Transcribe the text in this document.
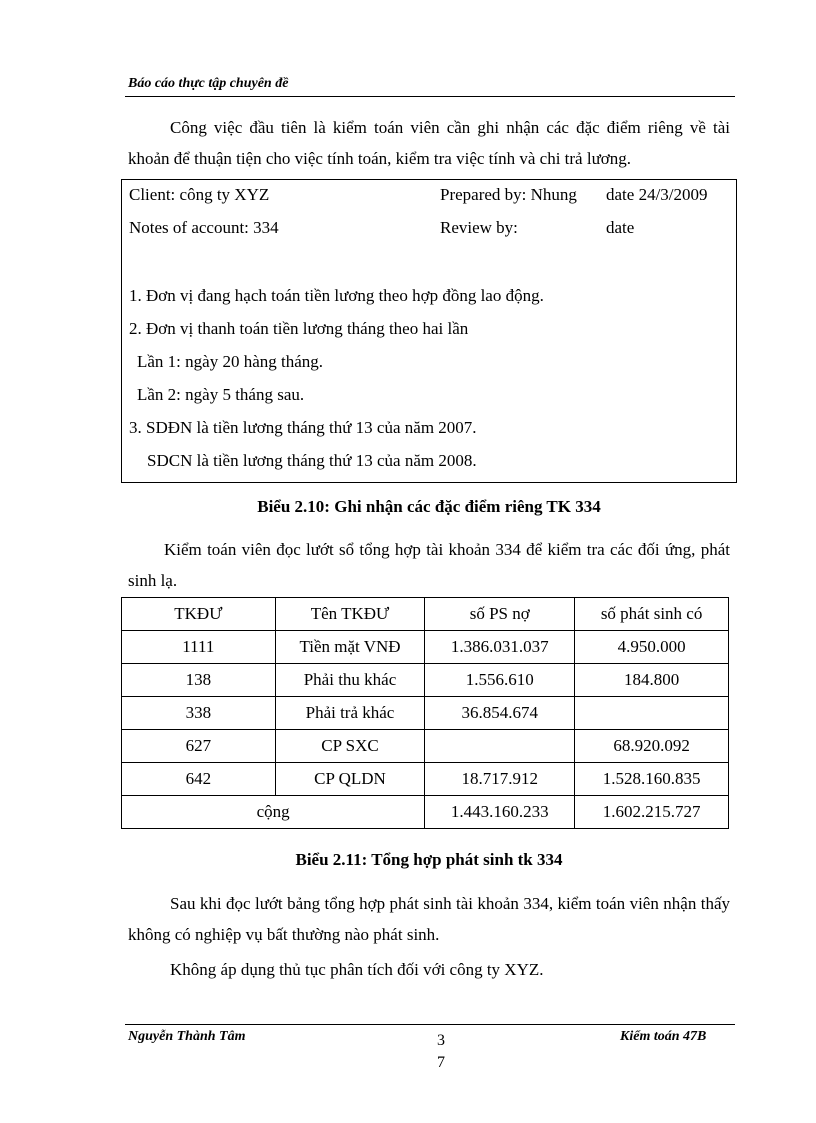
Báo cáo thực tập chuyên đề
Công việc đầu tiên là kiểm toán viên cần ghi nhận các đặc điểm riêng về tài khoản để thuận tiện cho việc tính toán, kiểm tra việc tính và chi trả lương.
Client: công ty XYZ	Prepared by: Nhung date 24/3/2009
Notes of account: 334	Review by:	date
1. Đơn vị đang hạch toán tiền lương theo hợp đồng lao động.
2. Đơn vị thanh toán tiền lương tháng theo hai lần
Lần 1: ngày 20 hàng tháng.
Lần 2: ngày 5 tháng sau.
3. SDĐN là tiền lương tháng thứ 13 của năm 2007.
SDCN là tiền lương tháng thứ 13 của năm 2008.
Biểu 2.10: Ghi nhận các đặc điểm riêng TK 334
Kiểm toán viên đọc lướt sổ tổng hợp tài khoản 334 để kiểm tra các đối ứng, phát sinh lạ.
TKĐƯ	Tên TKĐƯ	số PS nợ	số phát sinh có
1111	Tiền mặt VNĐ	1.386.031.037	4.950.000
138	Phải thu khác	1.556.610	184.800
338	Phải trả khác	36.854.674	
627	CP SXC		68.920.092
642	CP QLDN	18.717.912	1.528.160.835
cộng		1.443.160.233	1.602.215.727
Biểu 2.11: Tổng hợp phát sinh tk 334
Sau khi đọc lướt bảng tổng hợp phát sinh tài khoản 334, kiểm toán viên nhận thấy không có nghiệp vụ bất thường nào phát sinh.
Không áp dụng thủ tục phân tích đối với công ty XYZ.
Nguyễn Thành Tâm	37
Kiểm toán 47B
